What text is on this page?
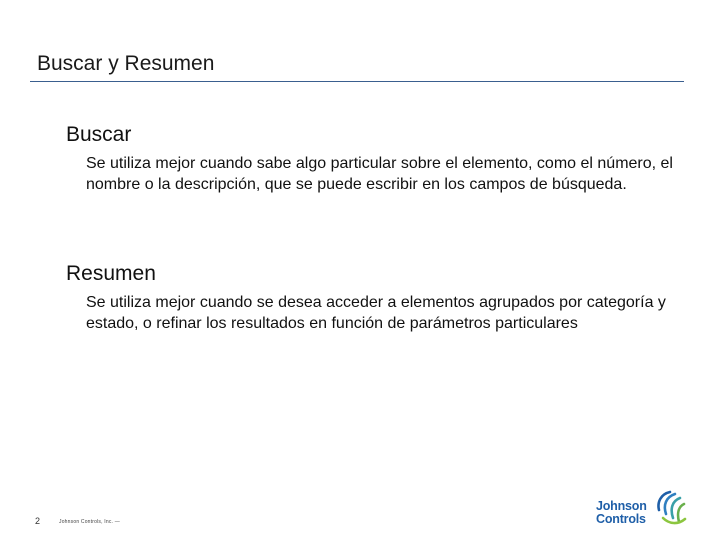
Buscar y Resumen
Buscar

Se utiliza mejor cuando sabe algo particular sobre el elemento, como el número, el nombre o la descripción, que se puede escribir en los campos de búsqueda.

Resumen

Se utiliza mejor cuando se desea acceder a elementos agrupados por categoría y estado, o refinar los resultados en función de parámetros particulares

2	Johnson Controls, Inc. —
Johnson
Controls
